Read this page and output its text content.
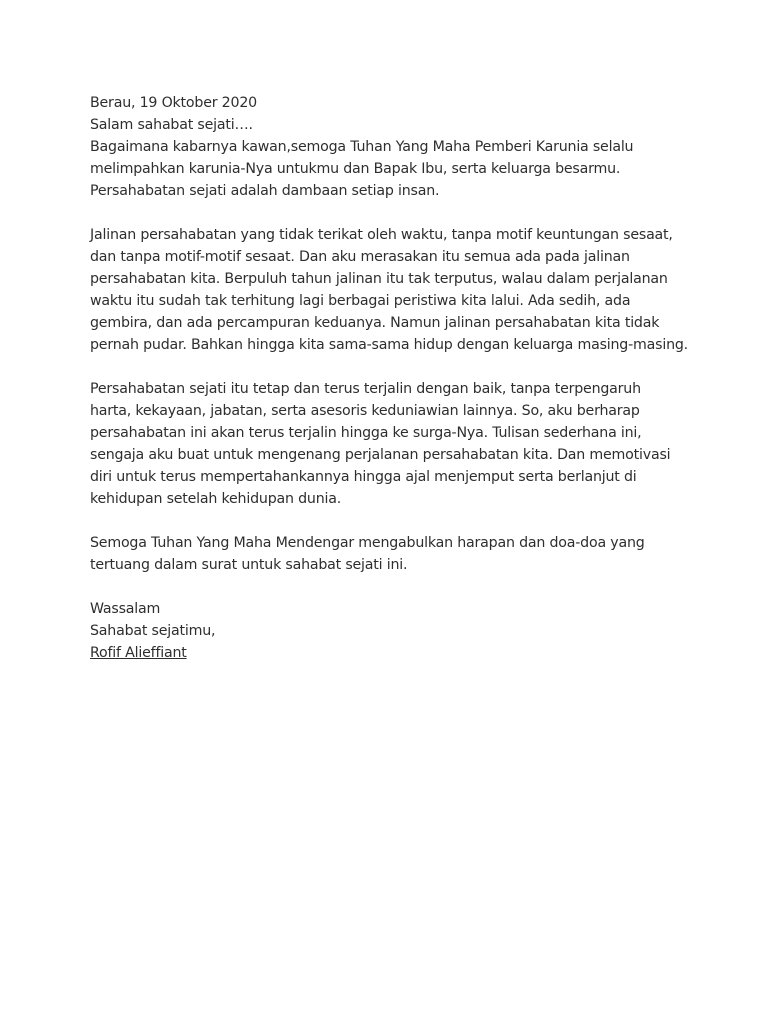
Berau, 19 Oktober 2020

Salam sahabat sejati….

Bagaimana kabarnya kawan,semoga Tuhan Yang Maha Pemberi Karunia selalu

melimpahkan karunia-Nya untukmu dan Bapak Ibu, serta keluarga besarmu.

Persahabatan sejati adalah dambaan setiap insan.

Jalinan persahabatan yang tidak terikat oleh waktu, tanpa motif keuntungan sesaat,

dan tanpa motif-motif sesaat. Dan aku merasakan itu semua ada pada jalinan

persahabatan kita. Berpuluh tahun jalinan itu tak terputus, walau dalam perjalanan

waktu itu sudah tak terhitung lagi berbagai peristiwa kita lalui. Ada sedih, ada

gembira, dan ada percampuran keduanya. Namun jalinan persahabatan kita tidak

pernah pudar. Bahkan hingga kita sama-sama hidup dengan keluarga masing-masing.

Persahabatan sejati itu tetap dan terus terjalin dengan baik, tanpa terpengaruh

harta, kekayaan, jabatan, serta asesoris keduniawian lainnya. So, aku berharap

persahabatan ini akan terus terjalin hingga ke surga-Nya. Tulisan sederhana ini,

sengaja aku buat untuk mengenang perjalanan persahabatan kita. Dan memotivasi

diri untuk terus mempertahankannya hingga ajal menjemput serta berlanjut di

kehidupan setelah kehidupan dunia.

Semoga Tuhan Yang Maha Mendengar mengabulkan harapan dan doa-doa yang

tertuang dalam surat untuk sahabat sejati ini.

Wassalam

Sahabat sejatimu,

Rofif Alieffiant
